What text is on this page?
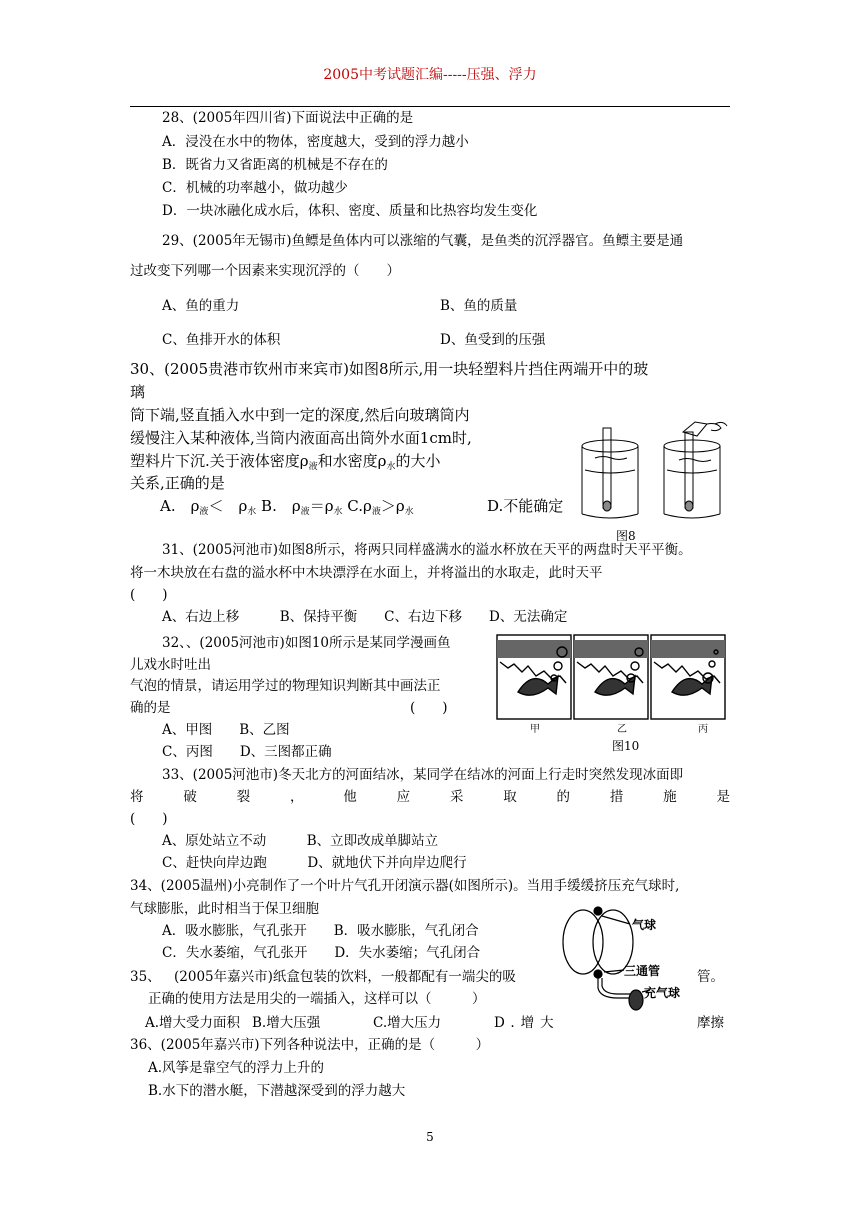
2005中考试题汇编-----压强、浮力
28、(2005年四川省)下面说法中正确的是
A．浸没在水中的物体，密度越大，受到的浮力越小
B．既省力又省距离的机械是不存在的
C．机械的功率越小，做功越少
D．一块冰融化成水后，体积、密度、质量和比热容均发生变化
29、(2005年无锡市)鱼鳔是鱼体内可以涨缩的气囊，是鱼类的沉浮器官。鱼鳔主要是通
过改变下列哪一个因素来实现沉浮的（　　）
A、鱼的重力	B、鱼的质量
C、鱼排开水的体积	D、鱼受到的压强
30、(2005贵港市钦州市来宾市)如图8所示,用一块轻塑料片挡住两端开中的玻
璃
筒下端,竖直插入水中到一定的深度,然后向玻璃筒内
缓慢注入某种液体,当筒内液面高出筒外水面1cm时,
塑料片下沉.关于液体密度$\rho_液$和水密度$\rho_水$的大小
关系,正确的是
A.　$\rho_液<$　$\rho_水$ B.　$\rho_液=\rho_水$ $C.\rho_液>\rho_水$	D.不能确定
图8
31、(2005河池市)如图8所示，将两只同样盛满水的溢水杯放在天平的两盘时天平平衡。
将一木块放在右盘的溢水杯中木块漂浮在水面上，并将溢出的水取走，此时天平
(　　)
A、右边上移　　　B、保持平衡　　C、右边下移　　D、无法确定
32、、(2005河池市)如图10所示是某同学漫画鱼
儿戏水时吐出
气泡的情景，请运用学过的物理知识判断其中画法正
确的是	(　　)
A、甲图　　B、乙图
C、丙图　　D、三图都正确
甲	乙	丙
图10
33、(2005河池市)冬天北方的河面结冰，某同学在结冰的河面上行走时突然发现冰面即
将	破	裂	，	他	应	采	取	的	措	施	是
(　　)
A、原处站立不动　　　B、立即改成单脚站立
C、赶快向岸边跑　　　D、就地伏下并向岸边爬行
34、(2005温州)小亮制作了一个叶片气孔开闭演示器(如图所示)。当用手缓缓挤压充气球时,
气球膨胀，此时相当于保卫细胞
A．吸水膨胀，气孔张开　　B．吸水膨胀，气孔闭合
C．失水萎缩，气孔张开　　D．失水萎缩；气孔闭合
气球
三通管
充气球
35、 (2005年嘉兴市)纸盒包装的饮料，一般都配有一端尖的吸	管。
正确的使用方法是用尖的一端插入，这样可以（　　　）
A.增大受力面积 B.增大压强	C.增大压力	D.增大	摩擦
36、(2005年嘉兴市)下列各种说法中，正确的是（　　　）
A.风筝是靠空气的浮力上升的
B.水下的潜水艇，下潜越深受到的浮力越大
5
